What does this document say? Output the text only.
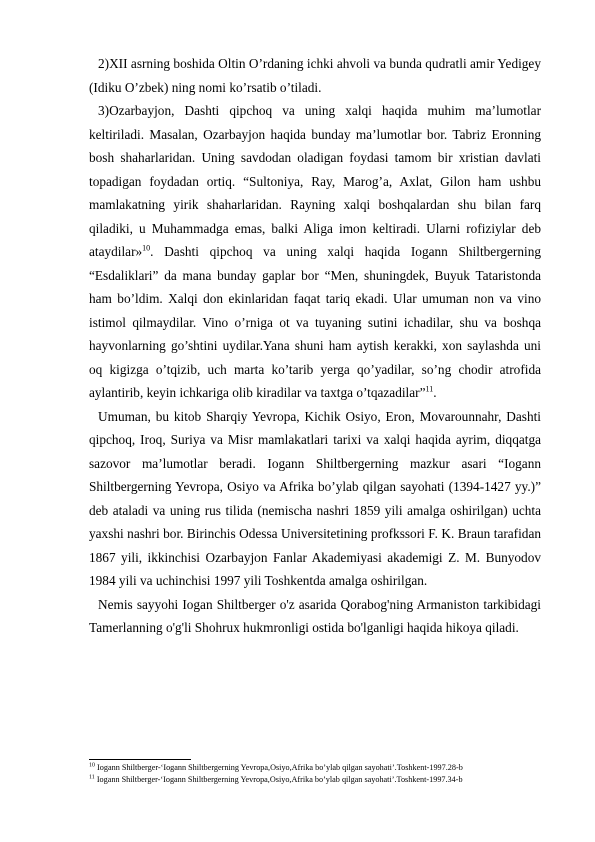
2)XII asrning boshida Oltin O’rdaning ichki ahvoli va bunda qudratli amir Yedigey (Idiku O’zbek) ning nomi ko’rsatib o’tiladi.

3)Ozarbayjon, Dashti qipchoq va uning xalqi haqida muhim ma’lumotlar keltiriladi. Masalan, Ozarbayjon haqida bunday ma’lumotlar bor. Tabriz Eronning bosh shaharlaridan. Uning savdodan oladigan foydasi tamom bir xristian davlati topadigan foydadan ortiq. “Sultoniya, Ray, Marog’a, Axlat, Gilon ham ushbu mamlakatning yirik shaharlaridan. Rayning xalqi boshqalardan shu bilan farq qiladiki, u Muhammadga emas, balki Aliga imon keltiradi. Ularni rofiziylar deb ataydilar»$^{10}$. Dashti qipchoq va uning xalqi haqida Iogann Shiltbergerning “Esdaliklari” da mana bunday gaplar bor “Men, shuningdek, Buyuk Tataristonda ham bo’ldim. Xalqi don ekinlaridan faqat tariq ekadi. Ular umuman non va vino istimol qilmaydilar. Vino o’rniga ot va tuyaning sutini ichadilar, shu va boshqa hayvonlarning go’shtini uydilar.Yana shuni ham aytish kerakki, xon saylashda uni oq kigizga o’tqizib, uch marta ko’tarib yerga qo’yadilar, so’ng chodir atrofida aylantirib, keyin ichkariga olib kiradilar va taxtga o’tqazadilar”$^{11}$.

Umuman, bu kitob Sharqiy Yevropa, Kichik Osiyo, Eron, Movarounnahr, Dashti qipchoq, Iroq, Suriya va Misr mamlakatlari tarixi va xalqi haqida ayrim, diqqatga sazovor ma’lumotlar beradi. Iogann Shiltbergerning mazkur asari “Iogann Shiltbergerning Yevropa, Osiyo va Afrika bo’ylab qilgan sayohati (1394-1427 yy.)” deb ataladi va uning rus tilida (nemischa nashri 1859 yili amalga oshirilgan) uchta yaxshi nashri bor. Birinchis Odessa Universitetining profkssori F. K. Braun tarafidan 1867 yili, ikkinchisi Ozarbayjon Fanlar Akademiyasi akademigi Z. M. Bunyodov 1984 yili va uchinchisi 1997 yili Toshkentda amalga oshirilgan.

Nemis sayyohi Iogan Shiltberger o'z asarida Qorabog'ning Armaniston tarkibidagi Tamerlanning o'g'li Shohrux hukmronligi ostida bo'lganligi haqida hikoya qiladi.

$^{10}$ Iogann Shiltberger-‘Iogann Shiltbergerning Yevropa,Osiyo,Afrika bo’ylab qilgan sayohati’.Toshkent-1997.28-b
$^{11}$ Iogann Shiltberger-‘Iogann Shiltbergerning Yevropa,Osiyo,Afrika bo’ylab qilgan sayohati’.Toshkent-1997.34-b
